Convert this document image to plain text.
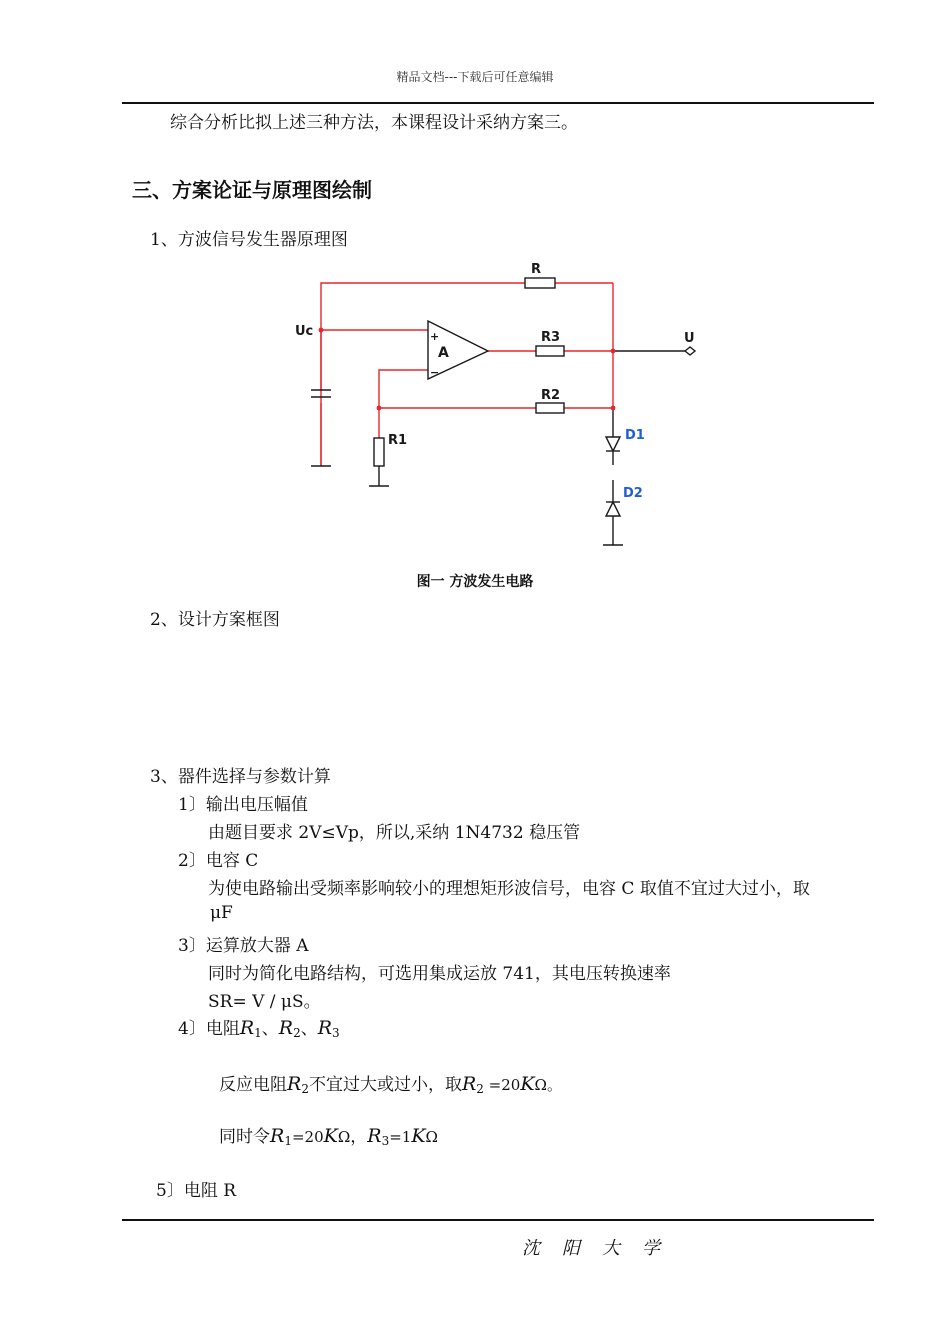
精品文档---下载后可任意编辑
综合分析比拟上述三种方法，本课程设计采纳方案三。
三、方案论证与原理图绘制
1、方波信号发生器原理图
R
R3
R2
R1
Uc	U
A
+
−
D1
D2
图一 方波发生电路
2、设计方案框图
3、器件选择与参数计算
1〕输出电压幅值
由题目要求 2V≤Vp，所以,采纳 1N4732 稳压管
2〕电容 C
为使电路输出受频率影响较小的理想矩形波信号，电容 C 取值不宜过大过小，取
μF
3〕运算放大器 A
同时为简化电路结构，可选用集成运放 741，其电压转换速率
SR= V / μS。
4〕电阻$R_1$、$R_2$、$R_3$
反应电阻$R_2$不宜过大或过小，取$R_2 =20K\Omega$。
同时令$R_1=20K\Omega$，$R_3=1K\Omega$
5〕电阻 R
沈阳大学
